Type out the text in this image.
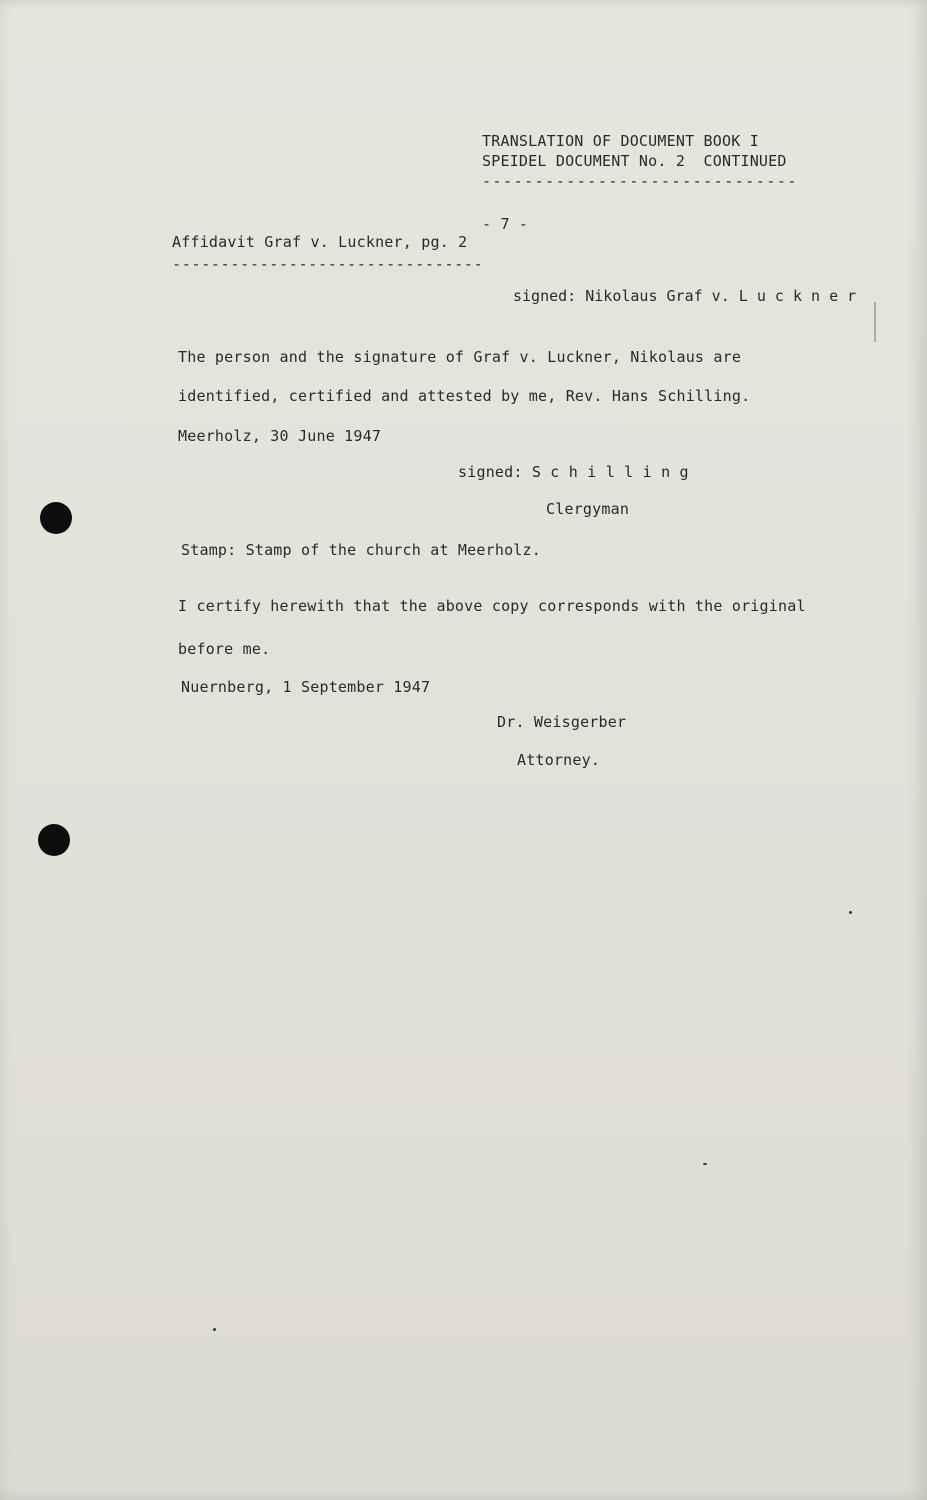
TRANSLATION OF DOCUMENT BOOK I
SPEIDEL DOCUMENT No. 2  CONTINUED
------------------------------
- 7 -
Affidavit Graf v. Luckner, pg. 2
--------------------------------
signed: Nikolaus Graf v. L u c k n e r
The person and the signature of Graf v. Luckner, Nikolaus are
identified, certified and attested by me, Rev. Hans Schilling.
Meerholz, 30 June 1947
signed: S c h i l l i n g
Clergyman
Stamp: Stamp of the church at Meerholz.
I certify herewith that the above copy corresponds with the original
before me.
Nuernberg, 1 September 1947
Dr. Weisgerber
Attorney.
